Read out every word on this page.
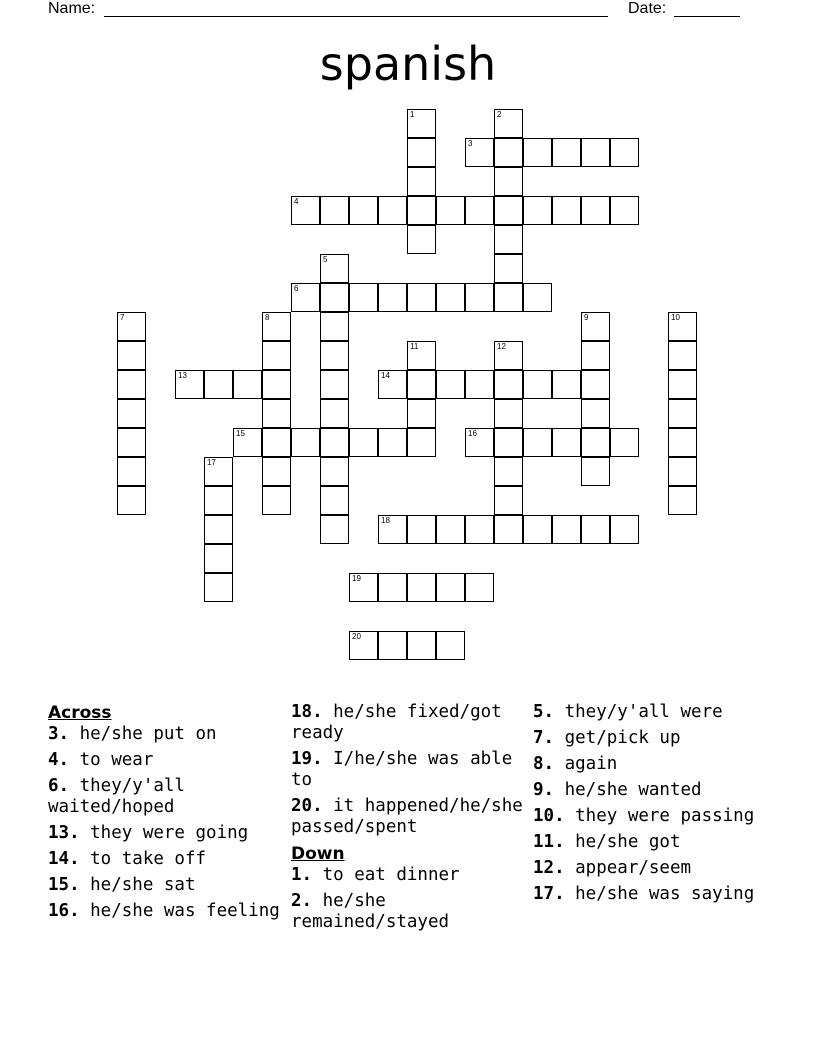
Name:	Date:
spanish
1	2
3
4
5
6
7	8	9	10
11	12
13	14
15	16
17
18
19
20
Across
3. he/she put on
4. to wear
6. they/y'all waited/hoped
13. they were going
14. to take off
15. he/she sat
16. he/she was feeling
18. he/she fixed/got ready
19. I/he/she was able to
20. it happened/he/she passed/spent
Down
1. to eat dinner
2. he/she remained/stayed
5. they/y'all were
7. get/pick up
8. again
9. he/she wanted
10. they were passing
11. he/she got
12. appear/seem
17. he/she was saying
